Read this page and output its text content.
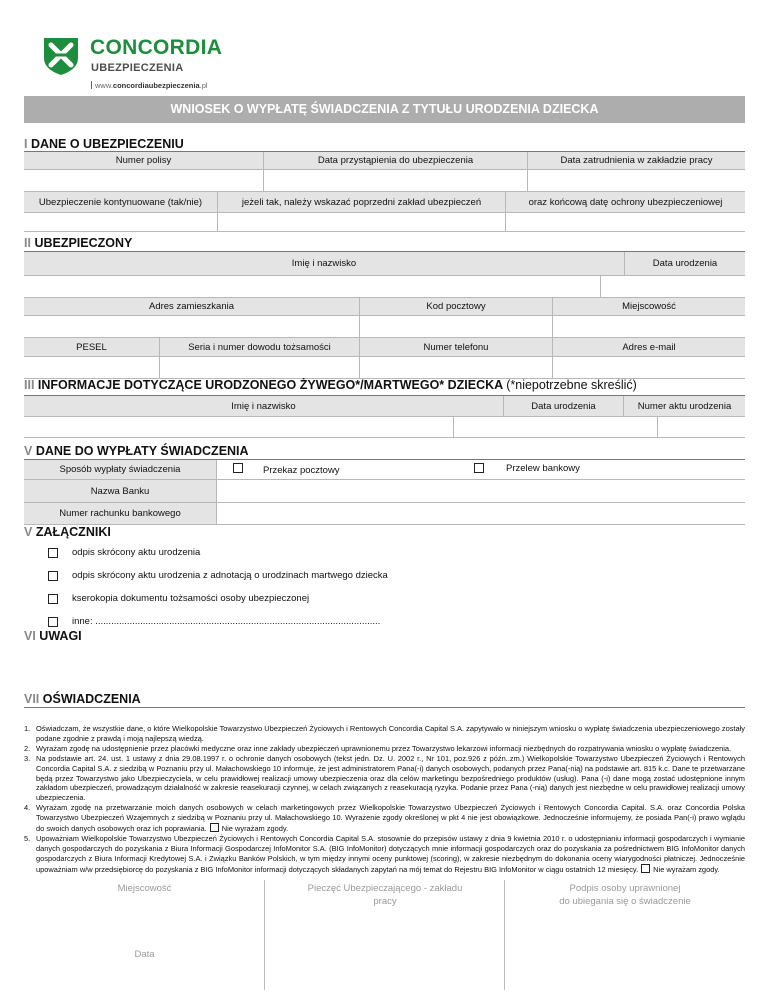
CONCORDIA
UBEZPIECZENIA
www.concordiaubezpieczenia.pl
WNIOSEK O WYPŁATĘ ŚWIADCZENIA Z TYTUŁU URODZENIA DZIECKA
I DANE O UBEZPIECZENIU
Numer polisy	Data przystąpienia do ubezpieczenia	Data zatrudnienia w zakładzie pracy
Ubezpieczenie kontynuowane (tak/nie)	jeżeli tak, należy wskazać poprzedni zakład ubezpieczeń	oraz końcową datę ochrony ubezpieczeniowej
II UBEZPIECZONY
Imię i nazwisko	Data urodzenia
Adres zamieszkania	Kod pocztowy	Miejscowość
PESEL	Seria i numer dowodu tożsamości	Numer telefonu	Adres e-mail
III INFORMACJE DOTYCZĄCE URODZONEGO ŻYWEGO*/MARTWEGO* DZIECKA (*niepotrzebne skreślić)
Imię i nazwisko	Data urodzenia	Numer aktu urodzenia
V DANE DO WYPŁATY ŚWIADCZENIA
Sposób wypłaty świadczenia	Przekaz pocztowy	Przelew bankowy
Nazwa Banku
Numer rachunku bankowego
V ZAŁĄCZNIKI
odpis skrócony aktu urodzenia
odpis skrócony aktu urodzenia z adnotacją o urodzinach martwego dziecka
kserokopia dokumentu tożsamości osoby ubezpieczonej
inne: ............................................................................................................
VI UWAGI
VII OŚWIADCZENIA
1. Oświadczam, że wszystkie dane, o które Wielkopolskie Towarzystwo Ubezpieczeń Życiowych i Rentowych Concordia Capital S.A. zapytywało w niniejszym wniosku o wypłatę świadczenia ubezpieczeniowego zostały podane zgodnie z prawdą i moją najlepszą wiedzą.
2. Wyrażam zgodę na udostępnienie przez placówki medyczne oraz inne zakłady ubezpieczeń uprawnionemu przez Towarzystwo lekarzowi informacji niezbędnych do rozpatrywania wniosku o wypłatę świadczenia.
3. Na podstawie art. 24. ust. 1 ustawy z dnia 29.08.1997 r. o ochronie danych osobowych (tekst jedn. Dz. U. 2002 r., Nr 101, poz.926 z późn..zm.) Wielkopolskie Towarzystwo Ubezpieczeń Życiowych i Rentowych Concordia Capital S.A. z siedzibą w Poznaniu przy ul. Małachowskiego 10 informuje, że jest administratorem Pana(-i) danych osobowych, podanych przez Pana(-nią) na podstawie art. 815 k.c. Dane te przetwarzane będą przez Towarzystwo jako Ubezpieczyciela, w celu prawidłowej realizacji umowy ubezpieczenia oraz dla celów marketingu bezpośredniego produktów (usług). Pana (-i) dane mogą zostać udostępnione innym zakładom ubezpieczeń, prowadzącym działalność w zakresie reasekuracji czynnej, w celach związanych z reasekuracją ryzyka. Podanie przez Pana (-nią) danych jest niezbędne w celu prawidłowej realizacji umowy ubezpieczenia.
4. Wyrażam zgodę na przetwarzanie moich danych osobowych w celach marketingowych przez Wielkopolskie Towarzystwo Ubezpieczeń Życiowych i Rentowych Concordia Capital. S.A. oraz Concordia Polska Towarzystwo Ubezpieczeń Wzajemnych z siedzibą w Poznaniu przy ul. Małachowskiego 10. Wyrażenie zgody określonej w pkt 4 nie jest obowiązkowe. Jednocześnie informujemy, że posiada Pan(-i) prawo wglądu do swoich danych osobowych oraz ich poprawiania. Nie wyrażam zgody.
5. Upoważniam Wielkopolskie Towarzystwo Ubezpieczeń Życiowych i Rentowych Concordia Capital S.A. stosownie do przepisów ustawy z dnia 9 kwietnia 2010 r. o udostępnianiu informacji gospodarczych i wymianie danych gospodarczych do pozyskania z Biura Informacji Gospodarczej InfoMonitor S.A. (BIG InfoMonitor) dotyczących mnie informacji gospodarczych oraz do pozyskania za pośrednictwem BIG InfoMonitor danych gospodarczych z Biura Informacji Kredytowej S.A. i Związku Banków Polskich, w tym między innymi oceny punktowej (scoring), w zakresie niezbędnym do dokonania oceny wiarygodności płatniczej. Jednocześnie upoważniam w/w przedsiębiorcę do pozyskania z BIG InfoMonitor informacji dotyczących składanych zapytań na mój temat do Rejestru BIG InfoMonitor w ciągu ostatnich 12 miesięcy. Nie wyrażam zgody.
Miejscowość
Data
Pieczęć Ubezpieczającego - zakładu
pracy
Podpis osoby uprawnionej
do ubiegania się o świadczenie
